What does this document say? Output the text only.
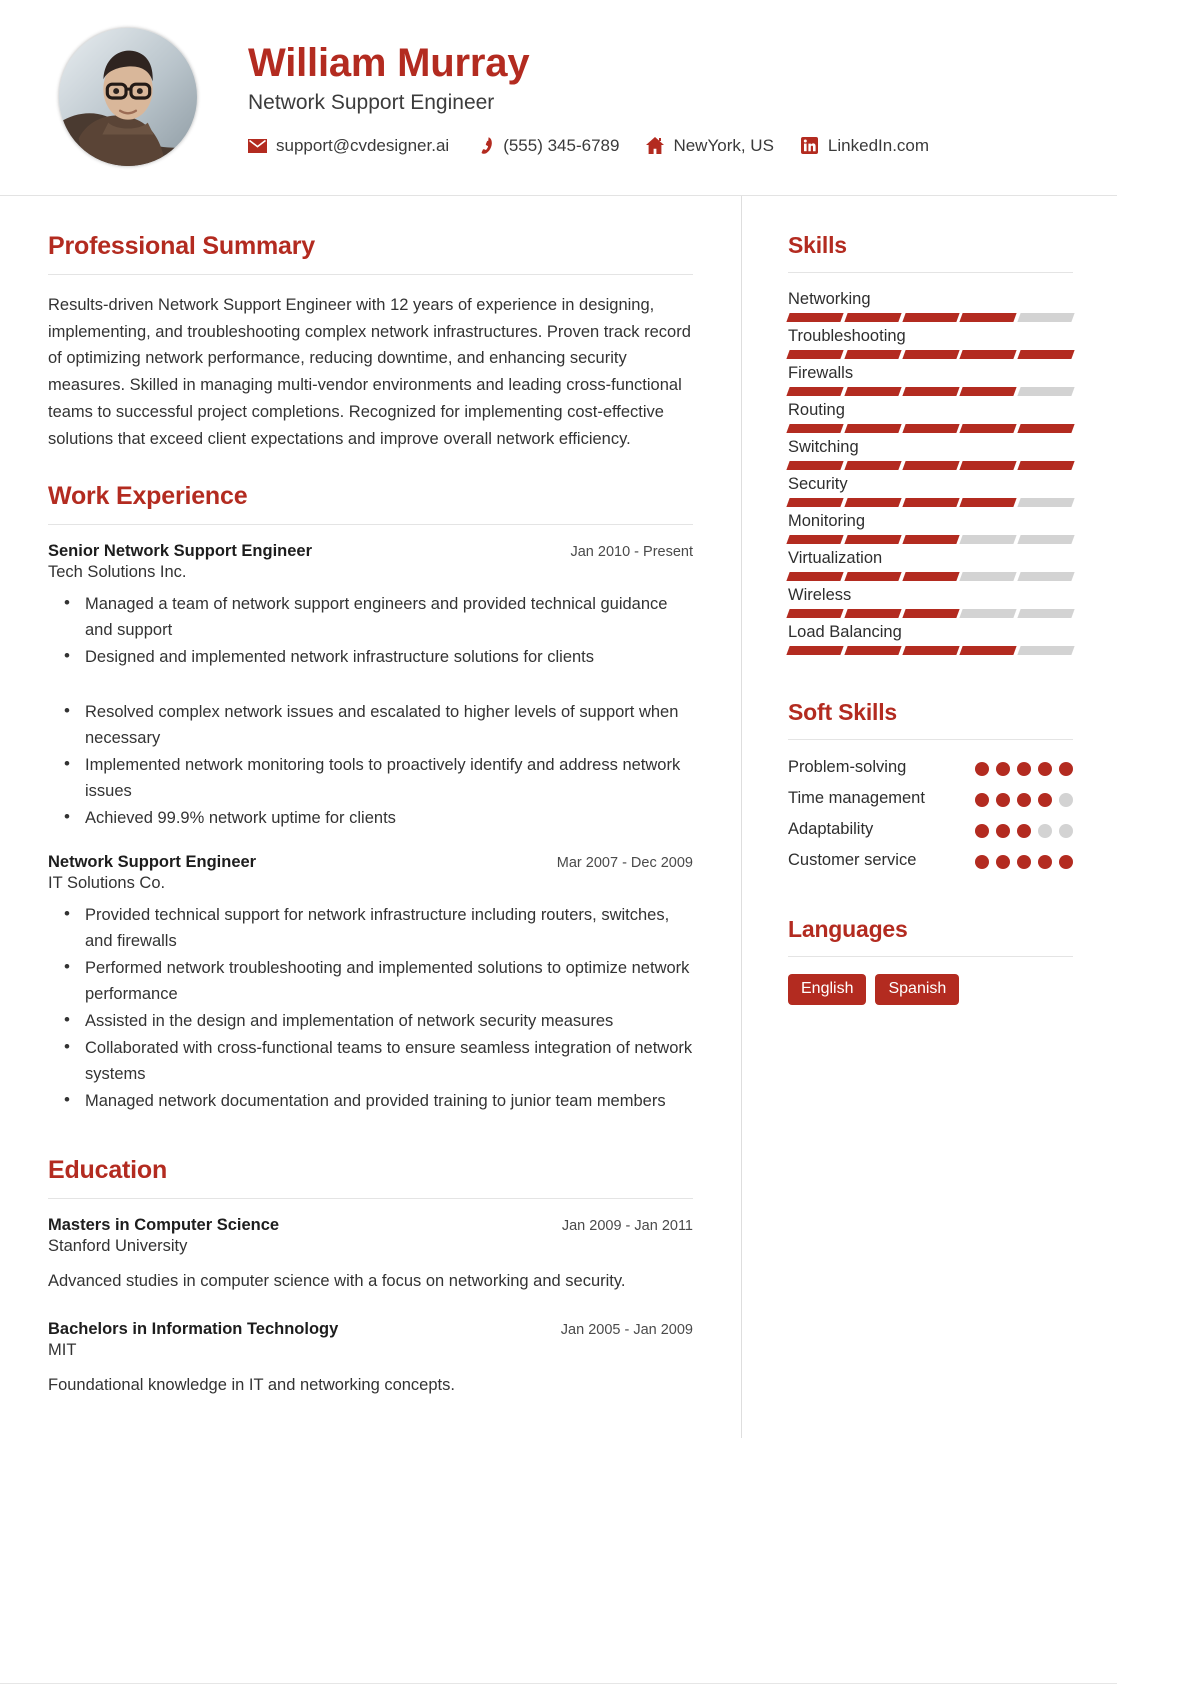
William Murray
Network Support Engineer
support@cvdesigner.ai	(555) 345-6789	NewYork, US	LinkedIn.com
Professional Summary
Results-driven Network Support Engineer with 12 years of experience in designing, implementing, and troubleshooting complex network infrastructures. Proven track record of optimizing network performance, reducing downtime, and enhancing security measures. Skilled in managing multi-vendor environments and leading cross-functional teams to successful project completions. Recognized for implementing cost-effective solutions that exceed client expectations and improve overall network efficiency.
Work Experience
Senior Network Support Engineer	Jan 2010 - Present
Tech Solutions Inc.
• Managed a team of network support engineers and provided technical guidance and support
• Designed and implemented network infrastructure solutions for clients
• Resolved complex network issues and escalated to higher levels of support when necessary
• Implemented network monitoring tools to proactively identify and address network issues
• Achieved 99.9% network uptime for clients
Network Support Engineer	Mar 2007 - Dec 2009
IT Solutions Co.
• Provided technical support for network infrastructure including routers, switches, and firewalls
• Performed network troubleshooting and implemented solutions to optimize network performance
• Assisted in the design and implementation of network security measures
• Collaborated with cross-functional teams to ensure seamless integration of network systems
• Managed network documentation and provided training to junior team members
Education
Masters in Computer Science	Jan 2009 - Jan 2011
Stanford University
Advanced studies in computer science with a focus on networking and security.
Bachelors in Information Technology	Jan 2005 - Jan 2009
MIT
Foundational knowledge in IT and networking concepts.
Skills
Networking
Troubleshooting
Firewalls
Routing
Switching
Security
Monitoring
Virtualization
Wireless
Load Balancing
Soft Skills
Problem-solving
Time management
Adaptability
Customer service
Languages
English	Spanish
